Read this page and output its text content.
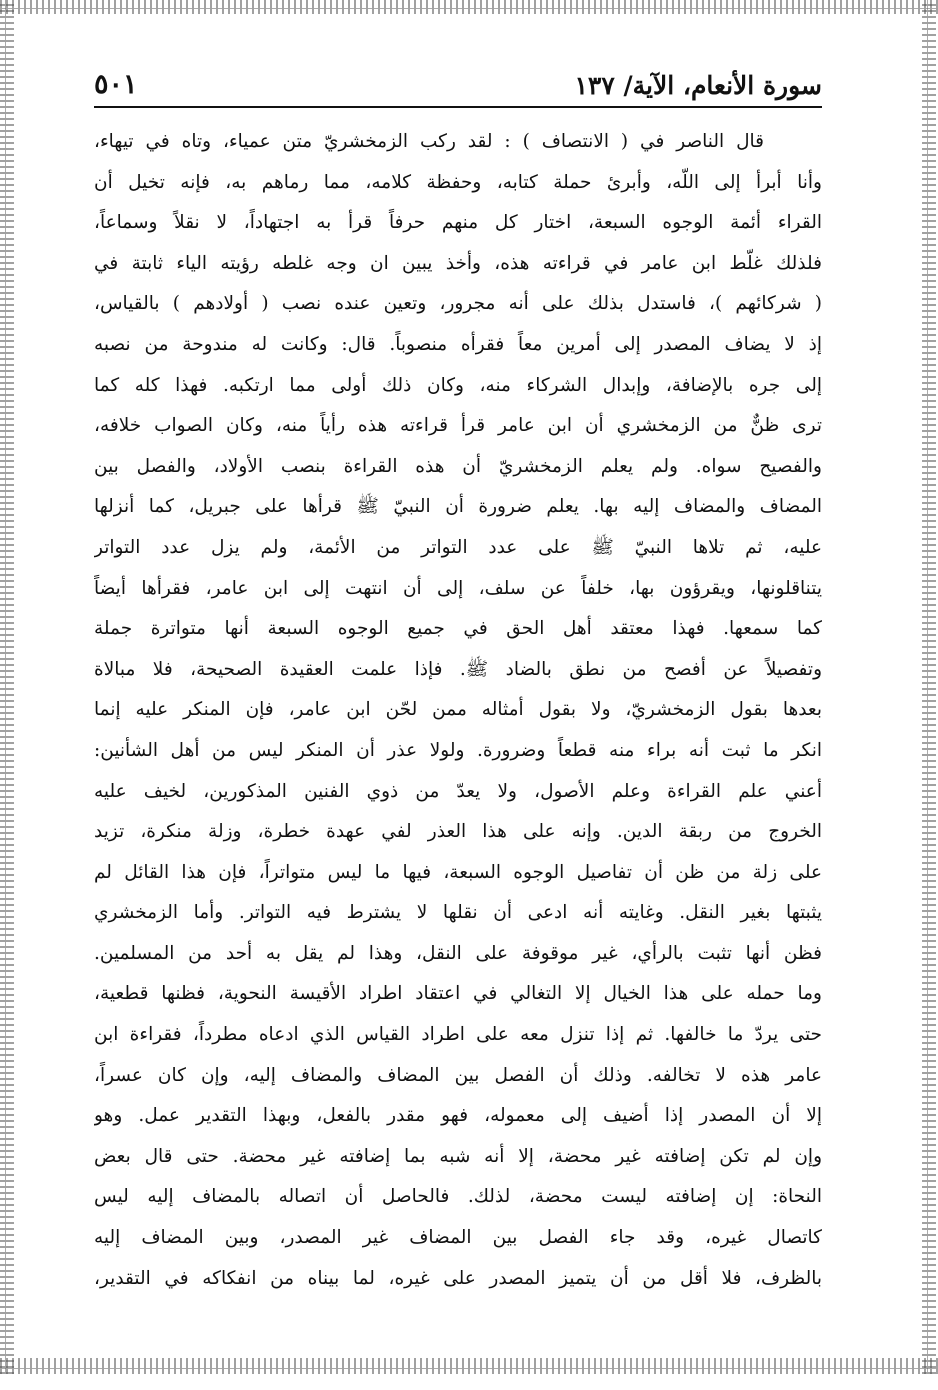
سورة الأنعام، الآية/ ١٣٧
٥٠١
قال الناصر في ( الانتصاف ) : لقد ركب الزمخشريّ متن عمياء، وتاه في تيهاء،
وأنا أبرأ إلى اللّه، وأبرئ حملة كتابه، وحفظة كلامه، مما رماهم به، فإنه تخيل أن
القراء أئمة الوجوه السبعة، اختار كل منهم حرفاً قرأ به اجتهاداً، لا نقلاً وسماعاً،
فلذلك غلّط ابن عامر في قراءته هذه، وأخذ يبين ان وجه غلطه رؤيته الياء ثابتة في
( شركائهم )، فاستدل بذلك على أنه مجرور، وتعين عنده نصب ( أولادهم ) بالقياس،
إذ لا يضاف المصدر إلى أمرين معاً فقرأه منصوباً. قال: وكانت له مندوحة من نصبه
إلى جره بالإضافة، وإبدال الشركاء منه، وكان ذلك أولى مما ارتكبه. فهذا كله كما
ترى ظنٌّ من الزمخشري أن ابن عامر قرأ قراءته هذه رأياً منه، وكان الصواب خلافه،
والفصيح سواه. ولم يعلم الزمخشريّ أن هذه القراءة بنصب الأولاد، والفصل بين
المضاف والمضاف إليه بها. يعلم ضرورة أن النبيّ ﷺ قرأها على جبريل، كما أنزلها
عليه، ثم تلاها النبيّ ﷺ على عدد التواتر من الأئمة، ولم يزل عدد التواتر
يتناقلونها، ويقرؤون بها، خلفاً عن سلف، إلى أن انتهت إلى ابن عامر، فقرأها أيضاً
كما سمعها. فهذا معتقد أهل الحق في جميع الوجوه السبعة أنها متواترة جملة
وتفصيلاً عن أفصح من نطق بالضاد ﷺ. فإذا علمت العقيدة الصحيحة، فلا مبالاة
بعدها بقول الزمخشريّ، ولا بقول أمثاله ممن لحّن ابن عامر، فإن المنكر عليه إنما
انكر ما ثبت أنه براء منه قطعاً وضرورة. ولولا عذر أن المنكر ليس من أهل الشأنين:
أعني علم القراءة وعلم الأصول، ولا يعدّ من ذوي الفنين المذكورين، لخيف عليه
الخروج من ربقة الدين. وإنه على هذا العذر لفي عهدة خطرة، وزلة منكرة، تزيد
على زلة من ظن أن تفاصيل الوجوه السبعة، فيها ما ليس متواتراً، فإن هذا القائل لم
يثبتها بغير النقل. وغايته أنه ادعى أن نقلها لا يشترط فيه التواتر. وأما الزمخشري
فظن أنها تثبت بالرأي، غير موقوفة على النقل، وهذا لم يقل به أحد من المسلمين.
وما حمله على هذا الخيال إلا التغالي في اعتقاد اطراد الأقيسة النحوية، فظنها قطعية،
حتى يردّ ما خالفها. ثم إذا تنزل معه على اطراد القياس الذي ادعاه مطرداً، فقراءة ابن
عامر هذه لا تخالفه. وذلك أن الفصل بين المضاف والمضاف إليه، وإن كان عسراً،
إلا أن المصدر إذا أضيف إلى معموله، فهو مقدر بالفعل، وبهذا التقدير عمل. وهو
وإن لم تكن إضافته غير محضة، إلا أنه شبه بما إضافته غير محضة. حتى قال بعض
النحاة: إن إضافته ليست محضة، لذلك. فالحاصل أن اتصاله بالمضاف إليه ليس
كاتصال غيره، وقد جاء الفصل بين المضاف غير المصدر، وبين المضاف إليه
بالظرف، فلا أقل من أن يتميز المصدر على غيره، لما بيناه من انفكاكه في التقدير،
